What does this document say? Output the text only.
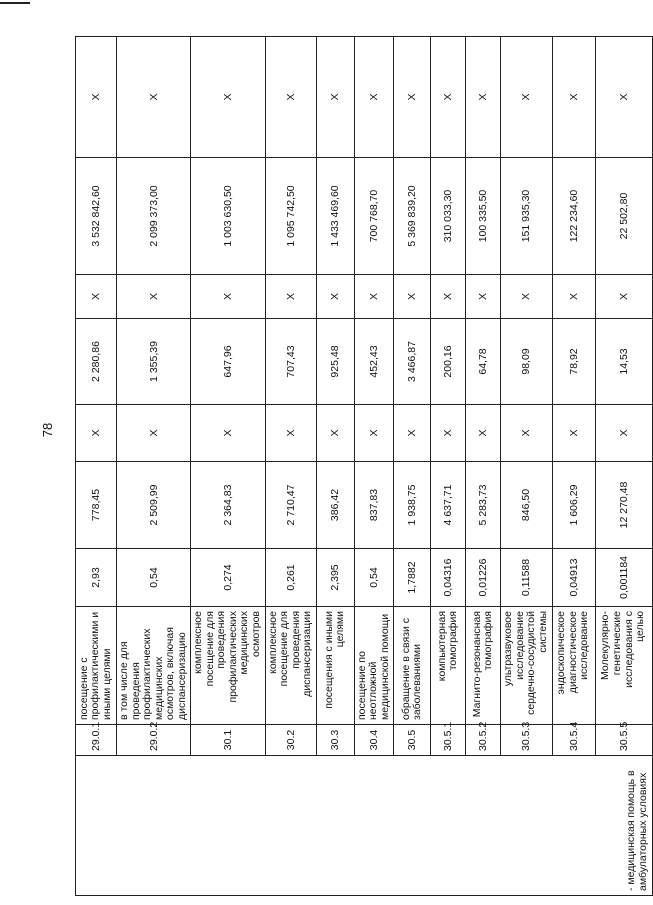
78
- медицинская помощь в амбулаторных условиях	29.0.1	посещение с профилактическими и иными целями	2,93	778,45	X	2 280,86	X	3 532 842,60	X
	29.0.2	в том числе для проведения профилактических медицинских осмотров, включая диспансеризацию	0,54	2 509,99	X	1 355,39	X	2 099 373,00	X
	30.1	комплексное посещение для проведения профилактических медицинских осмотров	0,274	2 364,83	X	647,96	X	1 003 630,50	X
	30.2	комплексное посещение для проведения диспансеризации	0,261	2 710,47	X	707,43	X	1 095 742,50	X
	30.3	посещения с иными целями	2,395	386,42	X	925,48	X	1 433 469,60	X
	30.4	посещение по неотложной медицинской помощи	0,54	837,83	X	452,43	X	700 768,70	X
	30.5	обращение в связи с заболеваниями	1,7882	1 938,75	X	3 466,87	X	5 369 839,20	X
	30.5.1	компьютерная томография	0,04316	4 637,71	X	200,16	X	310 033,30	X
	30.5.2	Магнито-резонансная томография	0,01226	5 283,73	X	64,78	X	100 335,50	X
	30.5.3	ультразвуковое исследование сердечно-сосудистой системы	0,11588	846,50	X	98,09	X	151 935,30	X
	30.5.4	эндоскопическое диагностическое исследование	0,04913	1 606,29	X	78,92	X	122 234,60	X
	30.5.5	Молекулярно-генетические исследования с целью	0,001184	12 270,48	X	14,53	X	22 502,80	X
